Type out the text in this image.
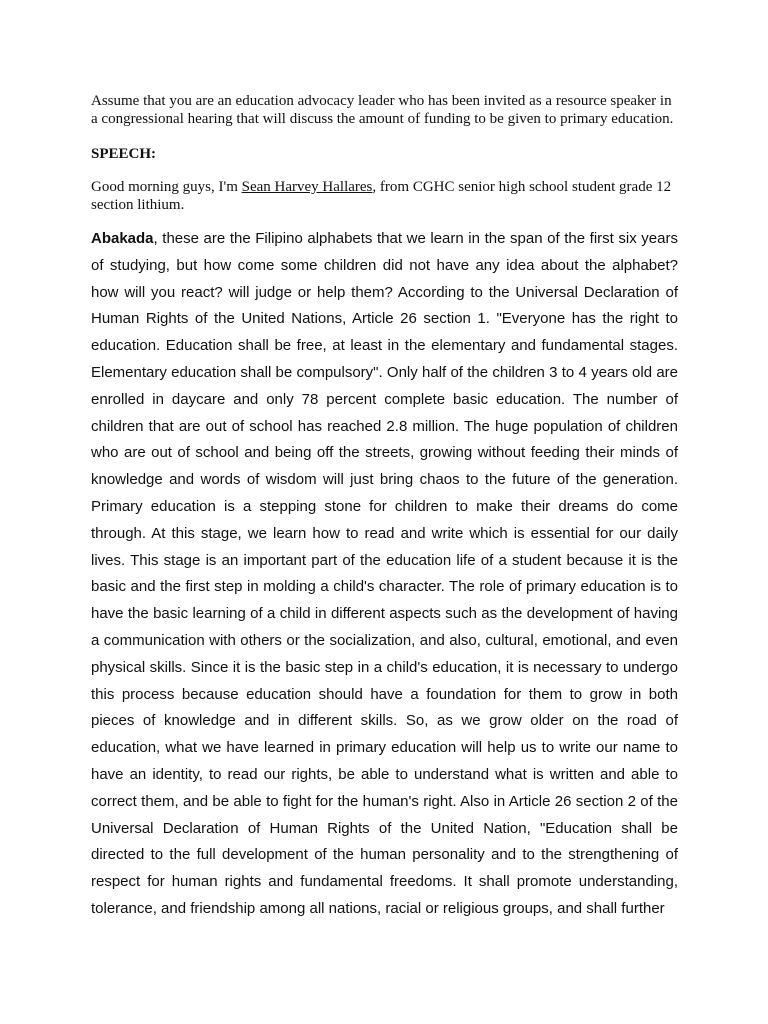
Assume that you are an education advocacy leader who has been invited as a resource speaker in a congressional hearing that will discuss the amount of funding to be given to primary education.

SPEECH:

Good morning guys, I'm Sean Harvey Hallares, from CGHC senior high school student grade 12 section lithium.

Abakada, these are the Filipino alphabets that we learn in the span of the first six years of studying, but how come some children did not have any idea about the alphabet? how will you react? will judge or help them? According to the Universal Declaration of Human Rights of the United Nations, Article 26 section 1. "Everyone has the right to education. Education shall be free, at least in the elementary and fundamental stages. Elementary education shall be compulsory". Only half of the children 3 to 4 years old are enrolled in daycare and only 78 percent complete basic education. The number of children that are out of school has reached 2.8 million. The huge population of children who are out of school and being off the streets, growing without feeding their minds of knowledge and words of wisdom will just bring chaos to the future of the generation. Primary education is a stepping stone for children to make their dreams do come through. At this stage, we learn how to read and write which is essential for our daily lives. This stage is an important part of the education life of a student because it is the basic and the first step in molding a child's character. The role of primary education is to have the basic learning of a child in different aspects such as the development of having a communication with others or the socialization, and also, cultural, emotional, and even physical skills. Since it is the basic step in a child's education, it is necessary to undergo this process because education should have a foundation for them to grow in both pieces of knowledge and in different skills. So, as we grow older on the road of education, what we have learned in primary education will help us to write our name to have an identity, to read our rights, be able to understand what is written and able to correct them, and be able to fight for the human's right. Also in Article 26 section 2 of the Universal Declaration of Human Rights of the United Nation, "Education shall be directed to the full development of the human personality and to the strengthening of respect for human rights and fundamental freedoms. It shall promote understanding, tolerance, and friendship among all nations, racial or religious groups, and shall further
